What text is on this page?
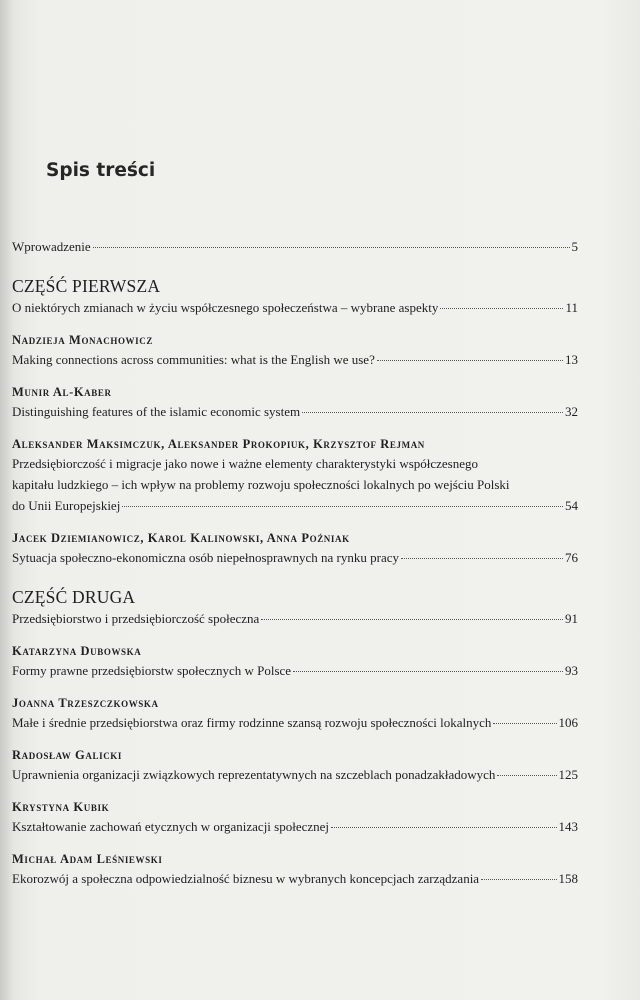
Spis treści
Wprowadzenie	5
CZĘŚĆ PIERWSZA
O niektórych zmianach w życiu współczesnego społeczeństwa – wybrane aspekty	11
Nadzieja Monachowicz
Making connections across communities: what is the English we use?	13
Munir Al-Kaber
Distinguishing features of the islamic economic system	32
Aleksander Maksimczuk, Aleksander Prokopiuk, Krzysztof Rejman
Przedsiębiorczość i migracje jako nowe i ważne elementy charakterystyki współczesnego
kapitału ludzkiego – ich wpływ na problemy rozwoju społeczności lokalnych po wejściu Polski
do Unii Europejskiej	54
Jacek Dziemianowicz, Karol Kalinowski, Anna Poźniak
Sytuacja społeczno-ekonomiczna osób niepełnosprawnych na rynku pracy	76
CZĘŚĆ DRUGA
Przedsiębiorstwo i przedsiębiorczość społeczna	91
Katarzyna Dubowska
Formy prawne przedsiębiorstw społecznych w Polsce	93
Joanna Trzeszczkowska
Małe i średnie przedsiębiorstwa oraz firmy rodzinne szansą rozwoju społeczności lokalnych	106
Radosław Galicki
Uprawnienia organizacji związkowych reprezentatywnych na szczeblach ponadzakładowych	125
Krystyna Kubik
Kształtowanie zachowań etycznych w organizacji społecznej	143
Michał Adam Leśniewski
Ekorozwój a społeczna odpowiedzialność biznesu w wybranych koncepcjach zarządzania	158
